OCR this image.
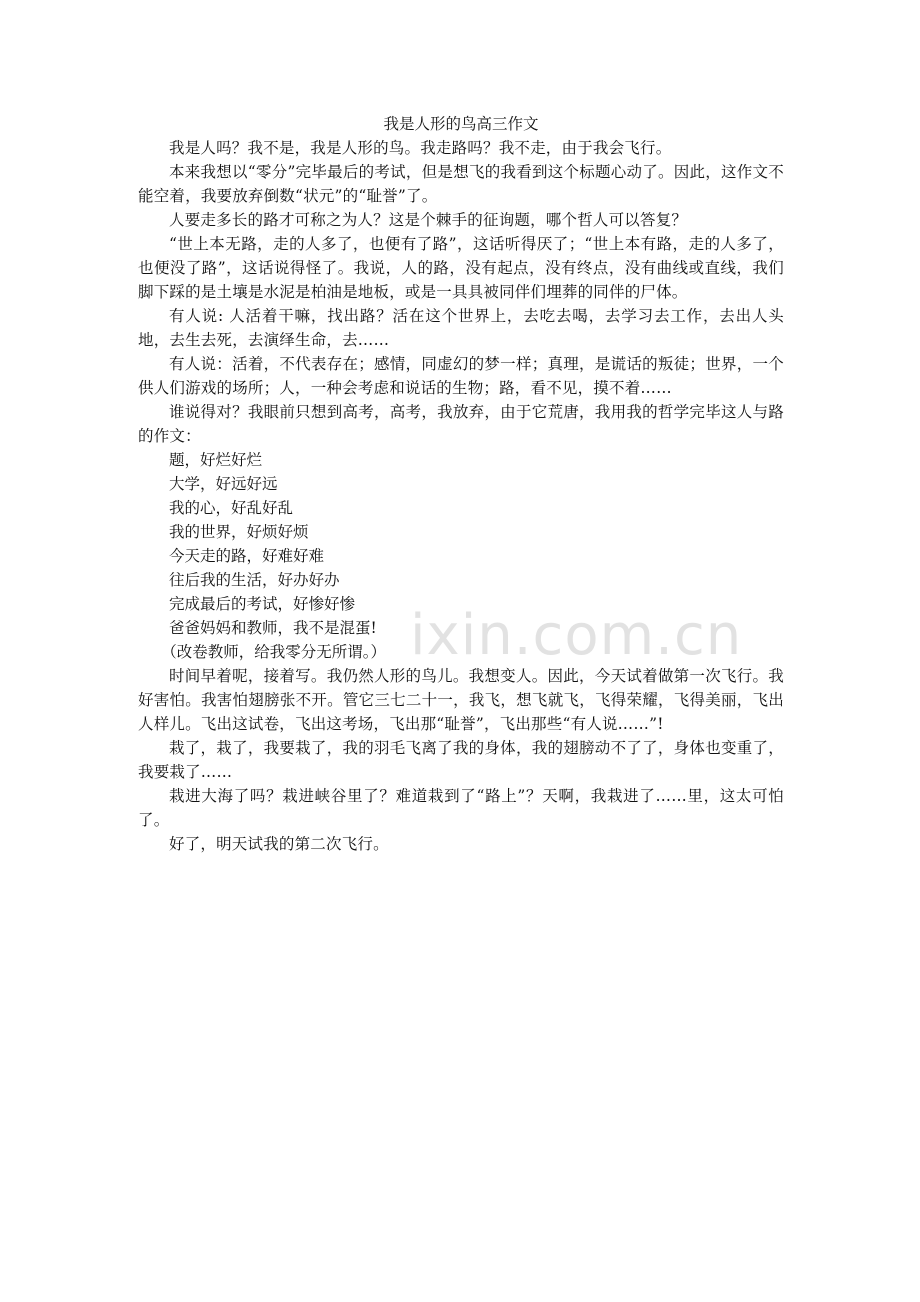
我是人形的鸟高三作文

我是人吗？我不是，我是人形的鸟。我走路吗？我不走，由于我会飞行。

本来我想以“零分”完毕最后的考试，但是想飞的我看到这个标题心动了。因此，这作文不能空着，我要放弃倒数“状元”的“耻誉”了。

人要走多长的路才可称之为人？这是个棘手的征询题，哪个哲人可以答复？

“世上本无路，走的人多了，也便有了路”，这话听得厌了；“世上本有路，走的人多了，也便没了路”，这话说得怪了。我说，人的路，没有起点，没有终点，没有曲线或直线，我们脚下踩的是土壤是水泥是柏油是地板，或是一具具被同伴们埋葬的同伴的尸体。

有人说: 人活着干嘛，找出路？活在这个世界上，去吃去喝，去学习去工作，去出人头地，去生去死，去演绎生命，去……

有人说：活着，不代表存在；感情，同虚幻的梦一样；真理，是谎话的叛徒；世界，一个供人们游戏的场所；人，一种会考虑和说话的生物；路，看不见，摸不着……

谁说得对？我眼前只想到高考，高考，我放弃，由于它荒唐，我用我的哲学完毕这人与路的作文：

题，好烂好烂

大学，好远好远

我的心，好乱好乱

我的世界，好烦好烦

今天走的路，好难好难

往后我的生活，好办好办

完成最后的考试，好惨好惨

爸爸妈妈和教师，我不是混蛋!

（改卷教师，给我零分无所谓。）

时间早着呢，接着写。我仍然人形的鸟儿。我想变人。因此，今天试着做第一次飞行。我好害怕。我害怕翅膀张不开。管它三七二十一，我飞，想飞就飞，飞得荣耀，飞得美丽，飞出人样儿。飞出这试卷，飞出这考场，飞出那“耻誉”，飞出那些“有人说……”!

栽了，栽了，我要栽了，我的羽毛飞离了我的身体，我的翅膀动不了了，身体也变重了，我要栽了……

栽进大海了吗？栽进峡谷里了？难道栽到了“路上”？天啊，我栽进了……里，这太可怕了。

好了，明天试我的第二次飞行。

ixin.com.cn
